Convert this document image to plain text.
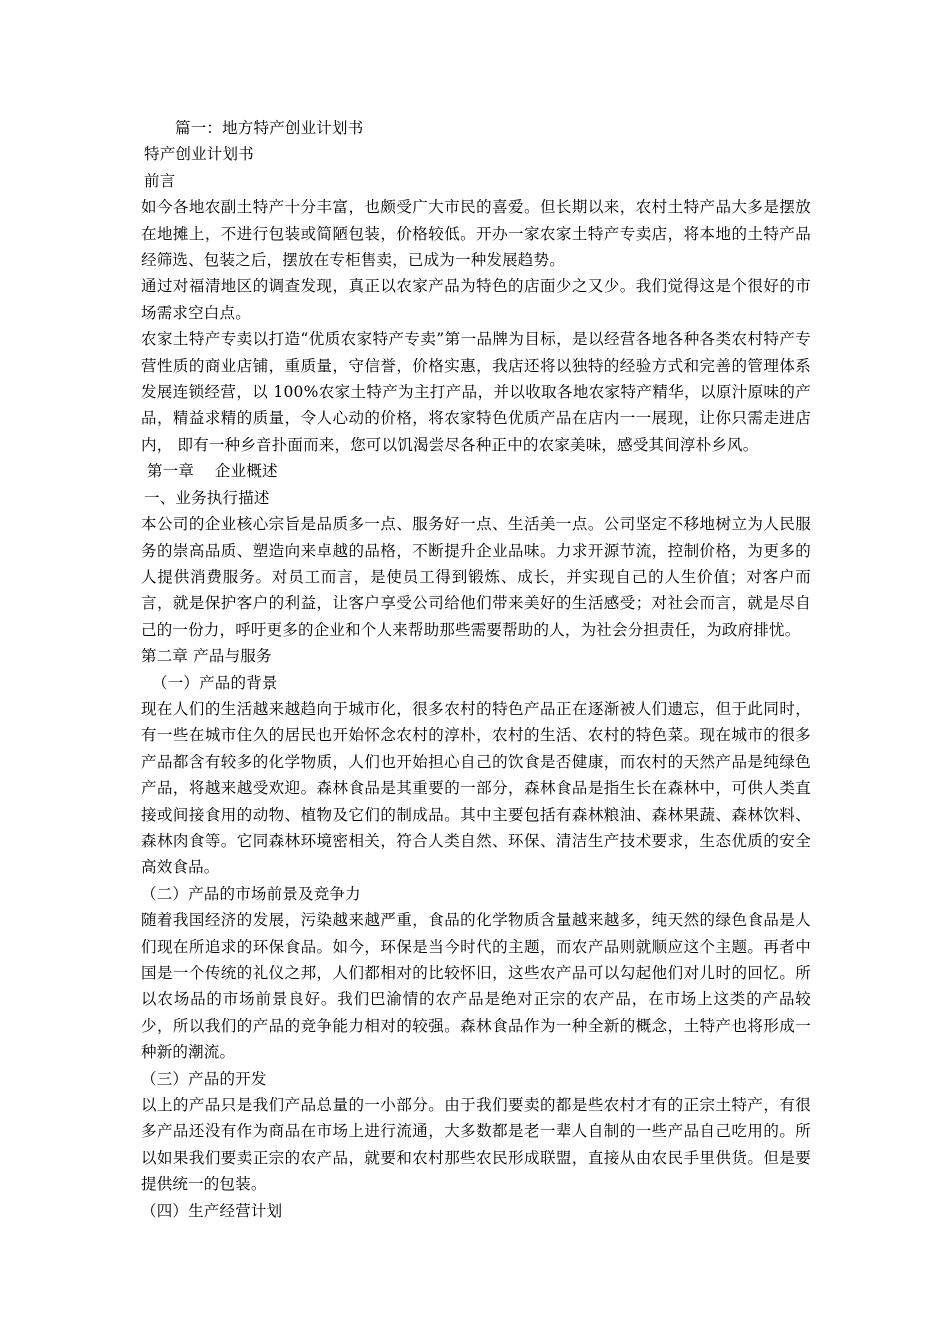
篇一：地方特产创业计划书
特产创业计划书
前言

如今各地农副土特产十分丰富，也颇受广大市民的喜爱。但长期以来，农村土特产品大多是摆放在地摊上，不进行包装或简陋包装，价格较低。开办一家农家土特产专卖店，将本地的土特产品经筛选、包装之后，摆放在专柜售卖，已成为一种发展趋势。

通过对福清地区的调查发现，真正以农家产品为特色的店面少之又少。我们觉得这是个很好的市场需求空白点。

农家土特产专卖以打造“优质农家特产专卖”第一品牌为目标，是以经营各地各种各类农村特产专营性质的商业店铺，重质量，守信誉，价格实惠，我店还将以独特的经验方式和完善的管理体系发展连锁经营，以 100%农家土特产为主打产品，并以收取各地农家特产精华，以原汁原味的产品，精益求精的质量，令人心动的价格，将农家特色优质产品在店内一一展现，让你只需走进店内， 即有一种乡音扑面而来，您可以饥渴尝尽各种正中的农家美味，感受其间淳朴乡风。

第一章　 企业概述
一、业务执行描述

本公司的企业核心宗旨是品质多一点、服务好一点、生活美一点。公司坚定不移地树立为人民服务的崇高品质、塑造向来卓越的品格，不断提升企业品味。力求开源节流，控制价格，为更多的人提供消费服务。对员工而言，是使员工得到锻炼、成长，并实现自己的人生价值；对客户而言，就是保护客户的利益，让客户享受公司给他们带来美好的生活感受；对社会而言，就是尽自己的一份力，呼吁更多的企业和个人来帮助那些需要帮助的人，为社会分担责任，为政府排忧。

第二章 产品与服务
（一）产品的背景

现在人们的生活越来越趋向于城市化，很多农村的特色产品正在逐渐被人们遗忘，但于此同时，有一些在城市住久的居民也开始怀念农村的淳朴，农村的生活、农村的特色菜。现在城市的很多产品都含有较多的化学物质，人们也开始担心自己的饮食是否健康，而农村的天然产品是纯绿色产品，将越来越受欢迎。森林食品是其重要的一部分，森林食品是指生长在森林中，可供人类直接或间接食用的动物、植物及它们的制成品。其中主要包括有森林粮油、森林果蔬、森林饮料、森林肉食等。它同森林环境密相关，符合人类自然、环保、清洁生产技术要求，生态优质的安全高效食品。

（二）产品的市场前景及竞争力

随着我国经济的发展，污染越来越严重，食品的化学物质含量越来越多，纯天然的绿色食品是人们现在所追求的环保食品。如今，环保是当今时代的主题，而农产品则就顺应这个主题。再者中国是一个传统的礼仪之邦，人们都相对的比较怀旧，这些农产品可以勾起他们对儿时的回忆。所以农场品的市场前景良好。我们巴渝情的农产品是绝对正宗的农产品，在市场上这类的产品较少，所以我们的产品的竞争能力相对的较强。森林食品作为一种全新的概念，土特产也将形成一种新的潮流。

（三）产品的开发

以上的产品只是我们产品总量的一小部分。由于我们要卖的都是些农村才有的正宗土特产，有很多产品还没有作为商品在市场上进行流通，大多数都是老一辈人自制的一些产品自己吃用的。所以如果我们要卖正宗的农产品，就要和农村那些农民形成联盟，直接从由农民手里供货。但是要提供统一的包装。

（四）生产经营计划
